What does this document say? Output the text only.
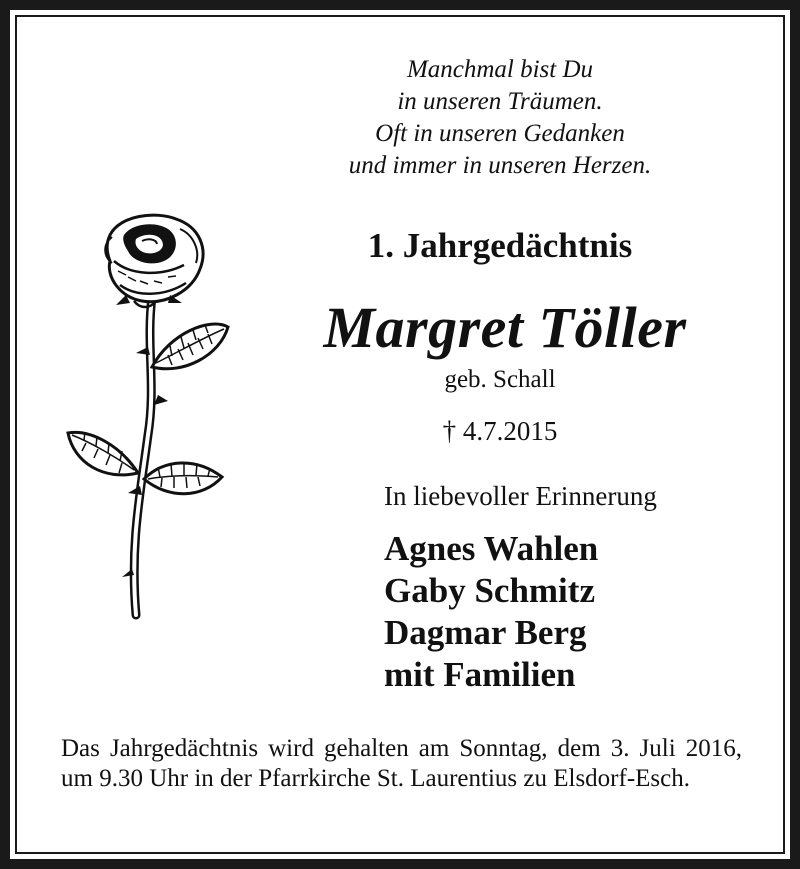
Manchmal bist Du
in unseren Träumen.
Oft in unseren Gedanken
und immer in unseren Herzen.
1. Jahrgedächtnis
Margret Töller
geb. Schall
† 4.7.2015
In liebevoller Erinnerung
Agnes Wahlen
Gaby Schmitz
Dagmar Berg
mit Familien
Das Jahrgedächtnis wird gehalten am Sonntag, dem 3. Juli 2016, um 9.30 Uhr in der Pfarrkirche St. Laurentius zu Elsdorf-Esch.
